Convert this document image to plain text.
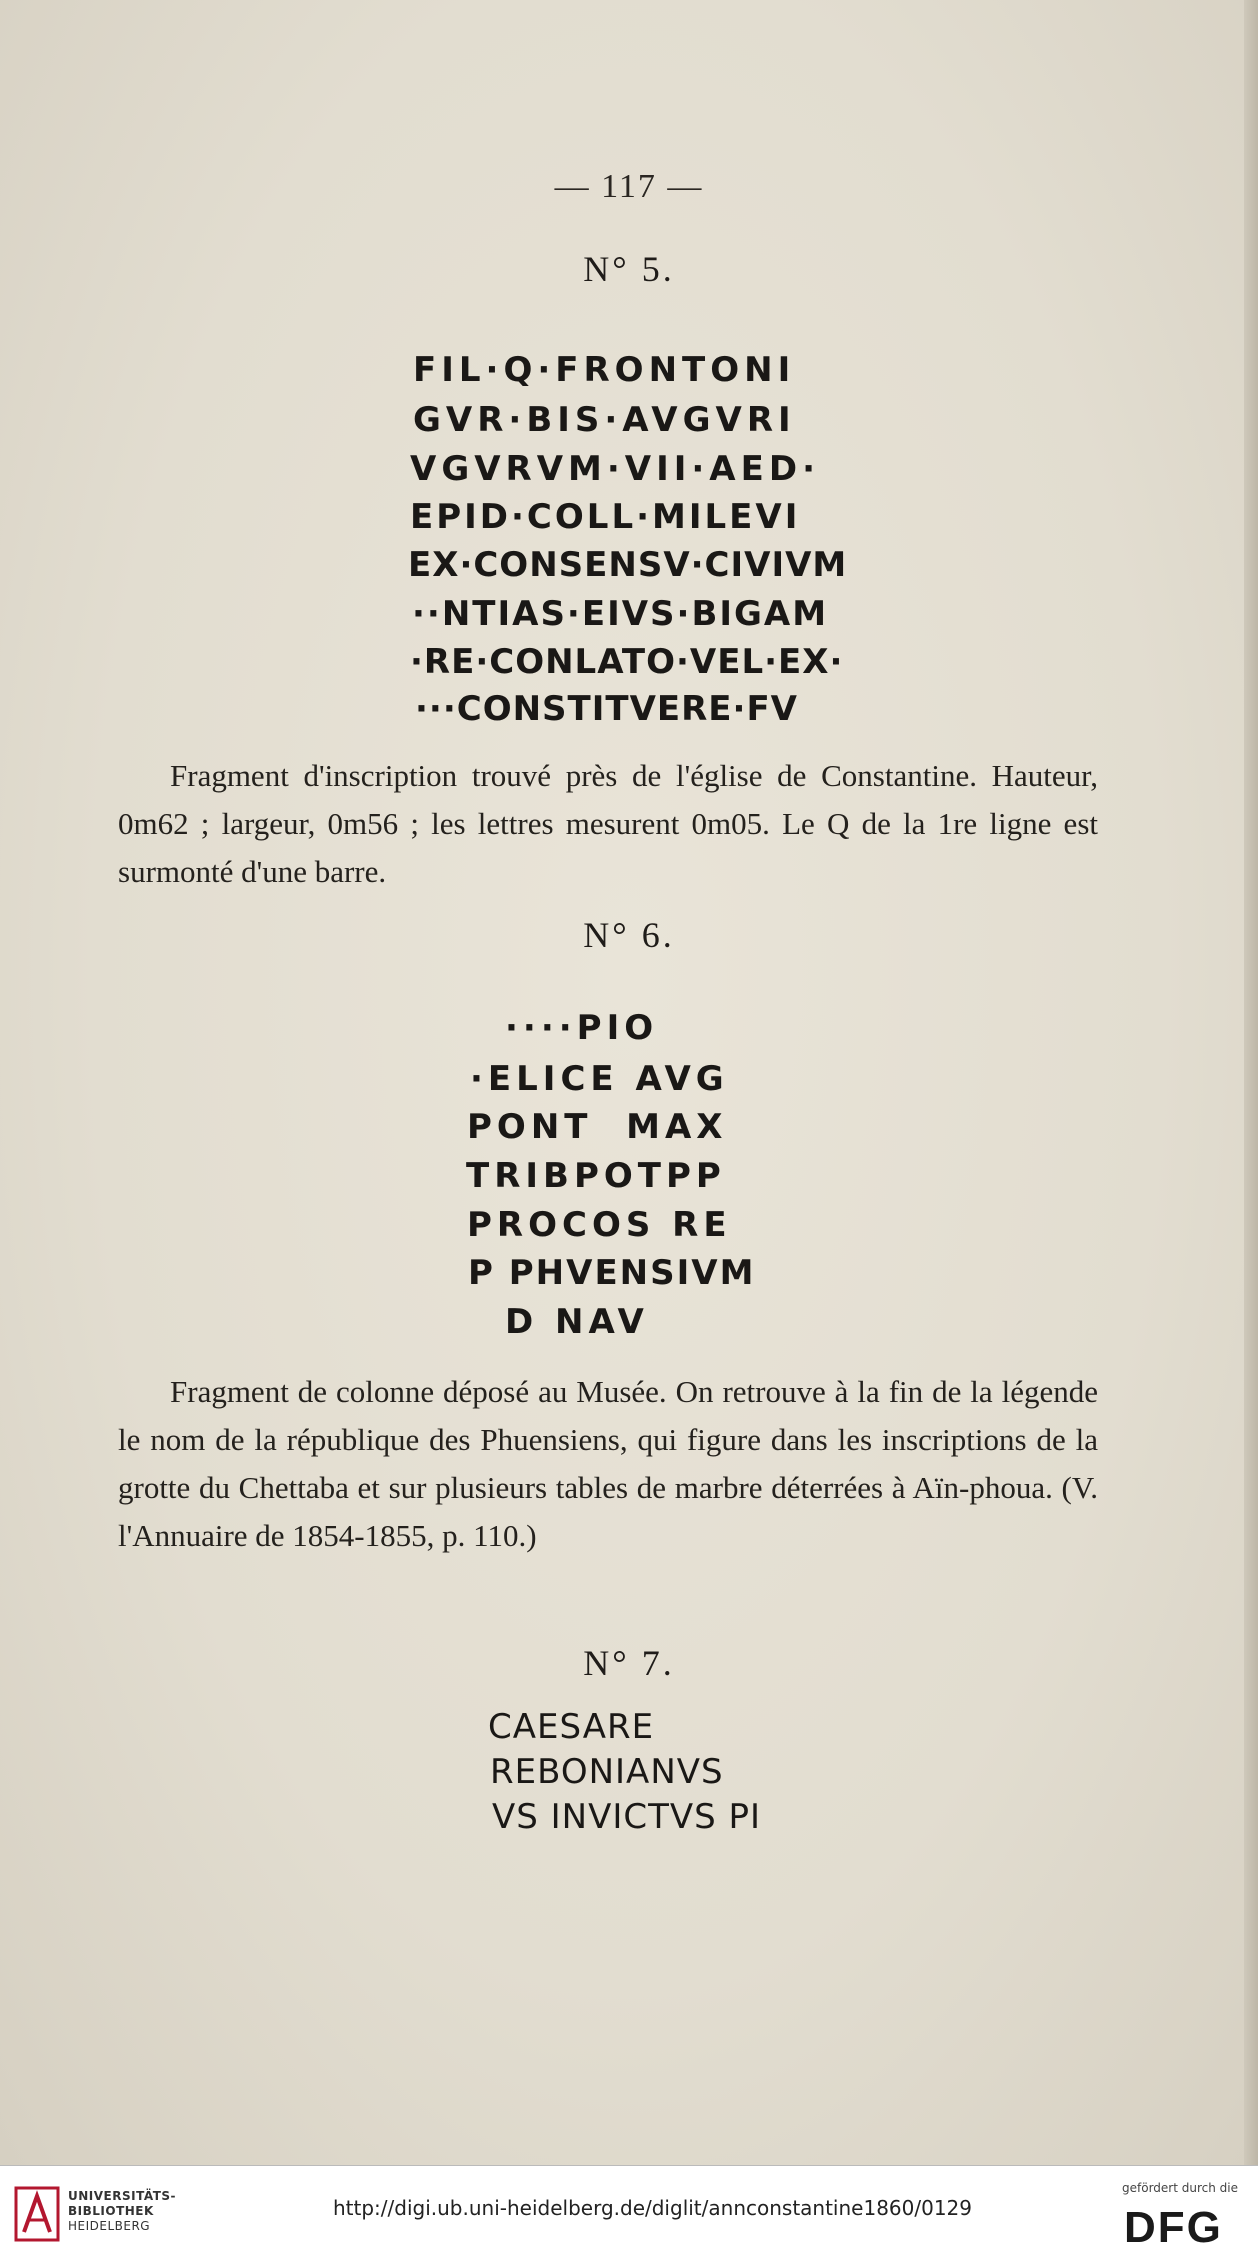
— 117 —
N° 5.
FIL·Q·FRONTONI
GVR·BIS·AVGVRI
VGVRVM·VII·AED·
EPID·COLL·MILEVI
EX·CONSENSV·CIVIVM
··NTIAS·EIVS·BIGAM
·RE·CONLATO·VEL·EX·
···CONSTITVERE·FV

Fragment d'inscription trouvé près de l'église de Constantine. Hauteur, 0m62 ; largeur, 0m56 ; les lettres mesurent 0m05. Le Q de la 1re ligne est surmonté d'une barre.

N° 6.
····PIO
·ELICE AVG
PONT  MAX
TRIBPOTPP
PROCOS RE
P PHVENSIVM
D NAV

Fragment de colonne déposé au Musée. On retrouve à la fin de la légende le nom de la république des Phuensiens, qui figure dans les inscriptions de la grotte du Chettaba et sur plusieurs tables de marbre déterrées à Aïn-phoua. (V. l'Annuaire de 1854-1855, p. 110.)

N° 7.
CAESARE
REBONIANVS
VS INVICTVS PI
UNIVERSITÄTS-
BIBLIOTHEK
HEIDELBERG
http://digi.ub.uni-heidelberg.de/diglit/annconstantine1860/0129
gefördert durch die
DFG
